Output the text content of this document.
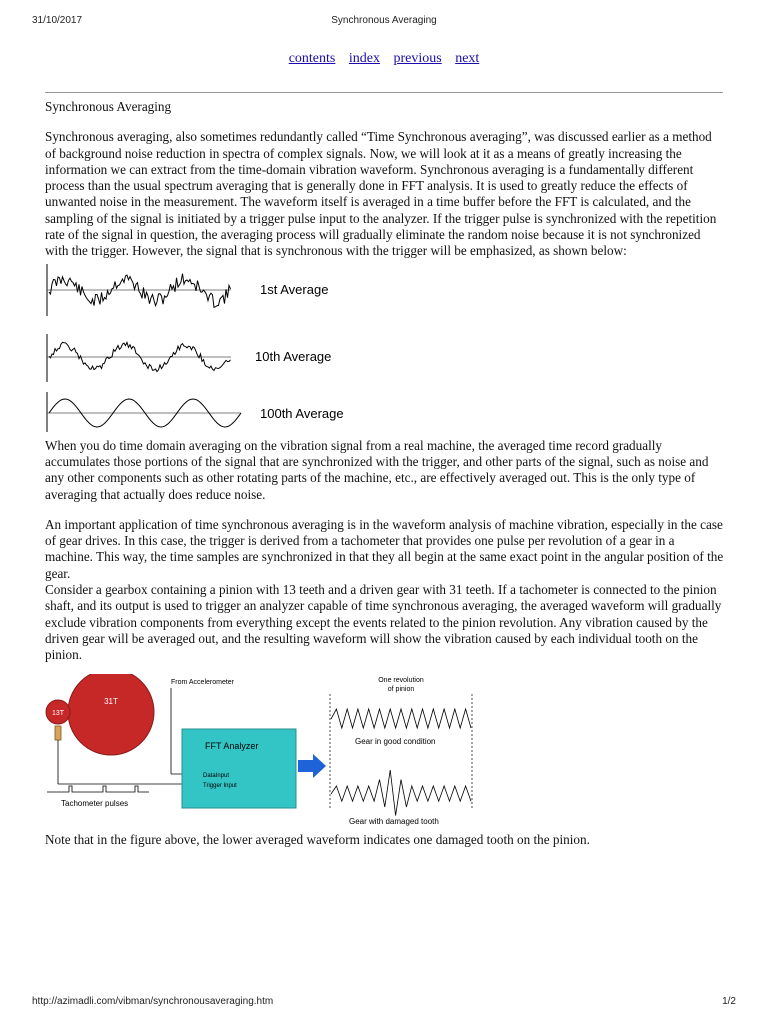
31/10/2017	Synchronous Averaging
contents index previous next

Synchronous Averaging

Synchronous averaging, also sometimes redundantly called “Time Synchronous averaging”, was discussed earlier as a method of background noise reduction in spectra of complex signals. Now, we will look at it as a means of greatly increasing the information we can extract from the time-domain vibration waveform. Synchronous averaging is a fundamentally different process than the usual spectrum averaging that is generally done in FFT analysis. It is used to greatly reduce the effects of unwanted noise in the measurement. The waveform itself is averaged in a time buffer before the FFT is calculated, and the sampling of the signal is initiated by a trigger pulse input to the analyzer. If the trigger pulse is synchronized with the repetition rate of the signal in question, the averaging process will gradually eliminate the random noise because it is not synchronized with the trigger. However, the signal that is synchronous with the trigger will be emphasized, as shown below:

1st Average
10th Average
100th Average

When you do time domain averaging on the vibration signal from a real machine, the averaged time record gradually accumulates those portions of the signal that are synchronized with the trigger, and other parts of the signal, such as noise and any other components such as other rotating parts of the machine, etc., are effectively averaged out. This is the only type of averaging that actually does reduce noise.

An important application of time synchronous averaging is in the waveform analysis of machine vibration, especially in the case of gear drives. In this case, the trigger is derived from a tachometer that provides one pulse per revolution of a gear in a machine. This way, the time samples are synchronized in that they all begin at the same exact point in the angular position of the gear.

Consider a gearbox containing a pinion with 13 teeth and a driven gear with 31 teeth. If a tachometer is connected to the pinion shaft, and its output is used to trigger an analyzer capable of time synchronous averaging, the averaged waveform will gradually exclude vibration components from everything except the events related to the pinion revolution. Any vibration caused by the driven gear will be averaged out, and the resulting waveform will show the vibration caused by each individual tooth on the pinion.

31T
13T
Tachometer pulses
From Accelerometer
FFT Analyzer
DataInput
Trigger Input
One revolution
of pinion
Gear in good condition
Gear with damaged tooth

Note that in the figure above, the lower averaged waveform indicates one damaged tooth on the pinion.

http://azimadli.com/vibman/synchronousaveraging.htm	1/2
